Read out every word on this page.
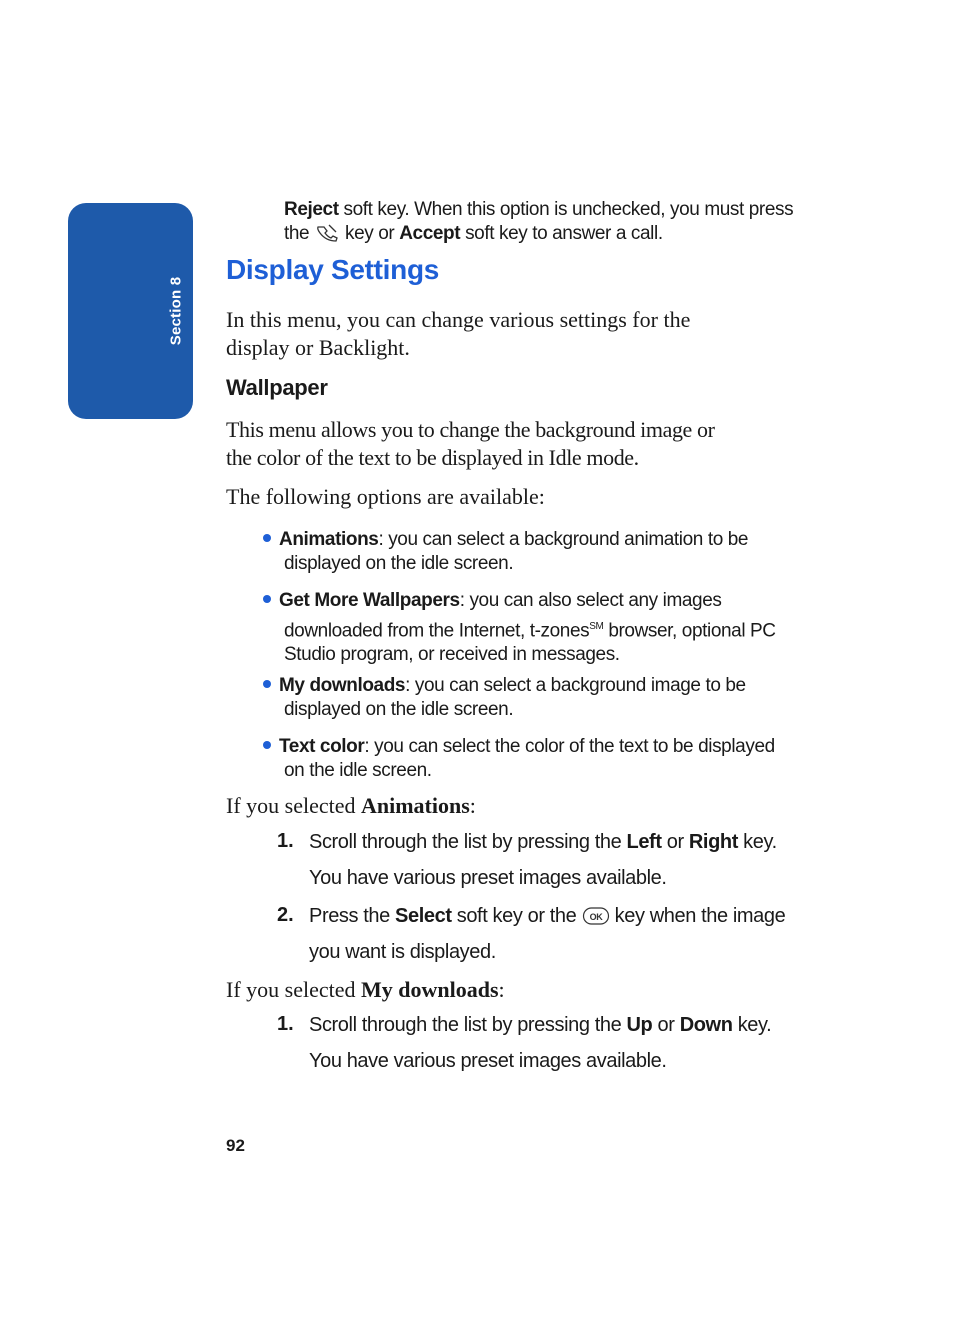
Section 8
Reject soft key. When this option is unchecked, you must press
the  key or Accept soft key to answer a call.
Display Settings
In this menu, you can change various settings for the
display or Backlight.
Wallpaper
This menu allows you to change the background image or
the color of the text to be displayed in Idle mode.
The following options are available:
Animations: you can select a background animation to be
displayed on the idle screen.
Get More Wallpapers: you can also select any images
downloaded from the Internet, t-zones℠ browser, optional PC
Studio program, or received in messages.
My downloads: you can select a background image to be
displayed on the idle screen.
Text color: you can select the color of the text to be displayed
on the idle screen.
If you selected Animations:
1. Scroll through the list by pressing the Left or Right key.
You have various preset images available.
2. Press the Select soft key or the OK key when the image
you want is displayed.
If you selected My downloads:
1. Scroll through the list by pressing the Up or Down key.
You have various preset images available.
92
